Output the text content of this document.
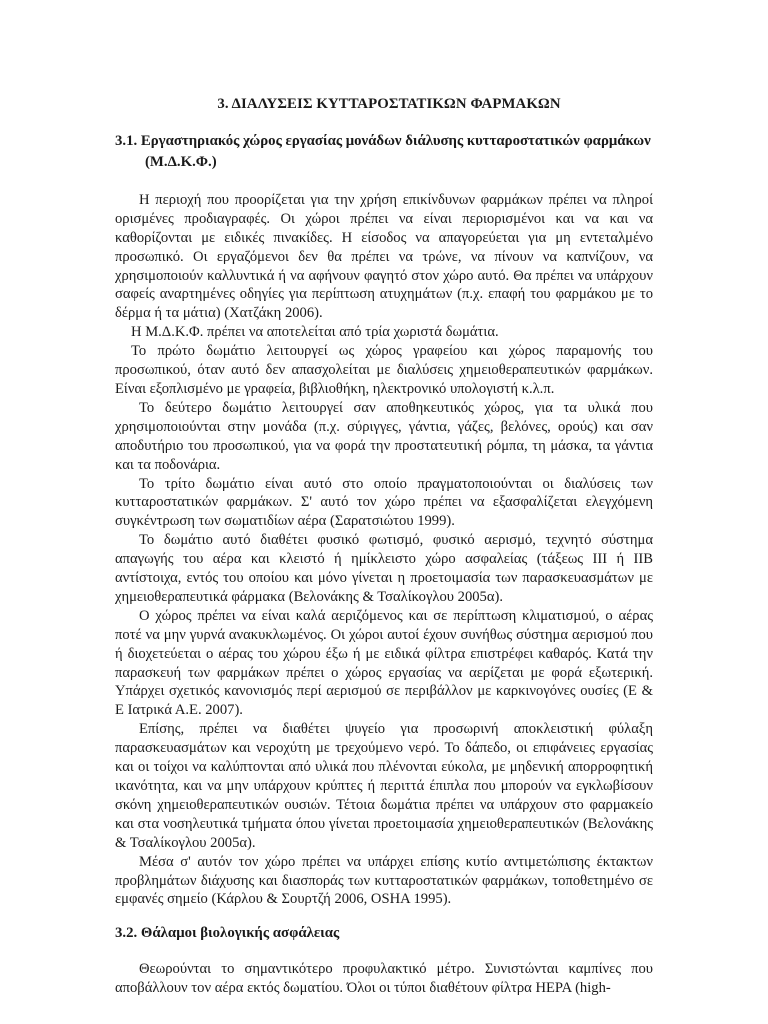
3. ΔΙΑΛΥΣΕΙΣ ΚΥΤΤΑΡΟΣΤΑΤΙΚΩΝ ΦΑΡΜΑΚΩΝ
3.1. Εργαστηριακός χώρος εργασίας μονάδων διάλυσης κυτταροστατικών φαρμάκων (Μ.Δ.Κ.Φ.)

Η περιοχή που προορίζεται για την χρήση επικίνδυνων φαρμάκων πρέπει να πληροί ορισμένες προδιαγραφές. Οι χώροι πρέπει να είναι περιορισμένοι και να και να καθορίζονται με ειδικές πινακίδες. Η είσοδος να απαγορεύεται για μη εντεταλμένο προσωπικό. Οι εργαζόμενοι δεν θα πρέπει να τρώνε, να πίνουν να καπνίζουν, να χρησιμοποιούν καλλυντικά ή να αφήνουν φαγητό στον χώρο αυτό. Θα πρέπει να υπάρχουν σαφείς αναρτημένες οδηγίες για περίπτωση ατυχημάτων (π.χ. επαφή του φαρμάκου με το δέρμα ή τα μάτια) (Χατζάκη 2006).

Η Μ.Δ.Κ.Φ. πρέπει να αποτελείται από τρία χωριστά δωμάτια.

Το πρώτο δωμάτιο λειτουργεί ως χώρος γραφείου και χώρος παραμονής του προσωπικού, όταν αυτό δεν απασχολείται με διαλύσεις χημειοθεραπευτικών φαρμάκων. Είναι εξοπλισμένο με γραφεία, βιβλιοθήκη, ηλεκτρονικό υπολογιστή κ.λ.π.

Το δεύτερο δωμάτιο λειτουργεί σαν αποθηκευτικός χώρος, για τα υλικά που χρησιμοποιούνται στην μονάδα (π.χ. σύριγγες, γάντια, γάζες, βελόνες, ορούς) και σαν αποδυτήριο του προσωπικού, για να φορά την προστατευτική ρόμπα, τη μάσκα, τα γάντια και τα ποδονάρια.

Το τρίτο δωμάτιο είναι αυτό στο οποίο πραγματοποιούνται οι διαλύσεις των κυτταροστατικών φαρμάκων. Σ' αυτό τον χώρο πρέπει να εξασφαλίζεται ελεγχόμενη συγκέντρωση των σωματιδίων αέρα (Σαρατσιώτου 1999).

Το δωμάτιο αυτό διαθέτει φυσικό φωτισμό, φυσικό αερισμό, τεχνητό σύστημα απαγωγής του αέρα και κλειστό ή ημίκλειστο χώρο ασφαλείας (τάξεως ΙΙΙ ή ΙΙΒ αντίστοιχα, εντός του οποίου και μόνο γίνεται η προετοιμασία των παρασκευασμάτων με χημειοθεραπευτικά φάρμακα (Βελονάκης & Τσαλίκογλου 2005α).

Ο χώρος πρέπει να είναι καλά αεριζόμενος και σε περίπτωση κλιματισμού, ο αέρας ποτέ να μην γυρνά ανακυκλωμένος. Οι χώροι αυτοί έχουν συνήθως σύστημα αερισμού που ή διοχετεύεται ο αέρας του χώρου έξω ή με ειδικά φίλτρα επιστρέφει καθαρός. Κατά την παρασκευή των φαρμάκων πρέπει ο χώρος εργασίας να αερίζεται με φορά εξωτερική. Υπάρχει σχετικός κανονισμός περί αερισμού σε περιβάλλον με καρκινογόνες ουσίες (Ε & Ε Ιατρικά Α.Ε. 2007).

Επίσης, πρέπει να διαθέτει ψυγείο για προσωρινή αποκλειστική φύλαξη παρασκευασμάτων και νεροχύτη με τρεχούμενο νερό. Το δάπεδο, οι επιφάνειες εργασίας και οι τοίχοι να καλύπτονται από υλικά που πλένονται εύκολα, με μηδενική απορροφητική ικανότητα, και να μην υπάρχουν κρύπτες ή περιττά έπιπλα που μπορούν να εγκλωβίσουν σκόνη χημειοθεραπευτικών ουσιών. Τέτοια δωμάτια πρέπει να υπάρχουν στο φαρμακείο και στα νοσηλευτικά τμήματα όπου γίνεται προετοιμασία χημειοθεραπευτικών (Βελονάκης & Τσαλίκογλου 2005α).

Μέσα σ' αυτόν τον χώρο πρέπει να υπάρχει επίσης κυτίο αντιμετώπισης έκτακτων προβλημάτων διάχυσης και διασποράς των κυτταροστατικών φαρμάκων, τοποθετημένο σε εμφανές σημείο (Κάρλου & Σουρτζή 2006, OSHA 1995).

3.2. Θάλαμοι βιολογικής ασφάλειας

Θεωρούνται το σημαντικότερο προφυλακτικό μέτρο. Συνιστώνται καμπίνες που αποβάλλουν τον αέρα εκτός δωματίου. Όλοι οι τύποι διαθέτουν φίλτρα HEPA (high-
